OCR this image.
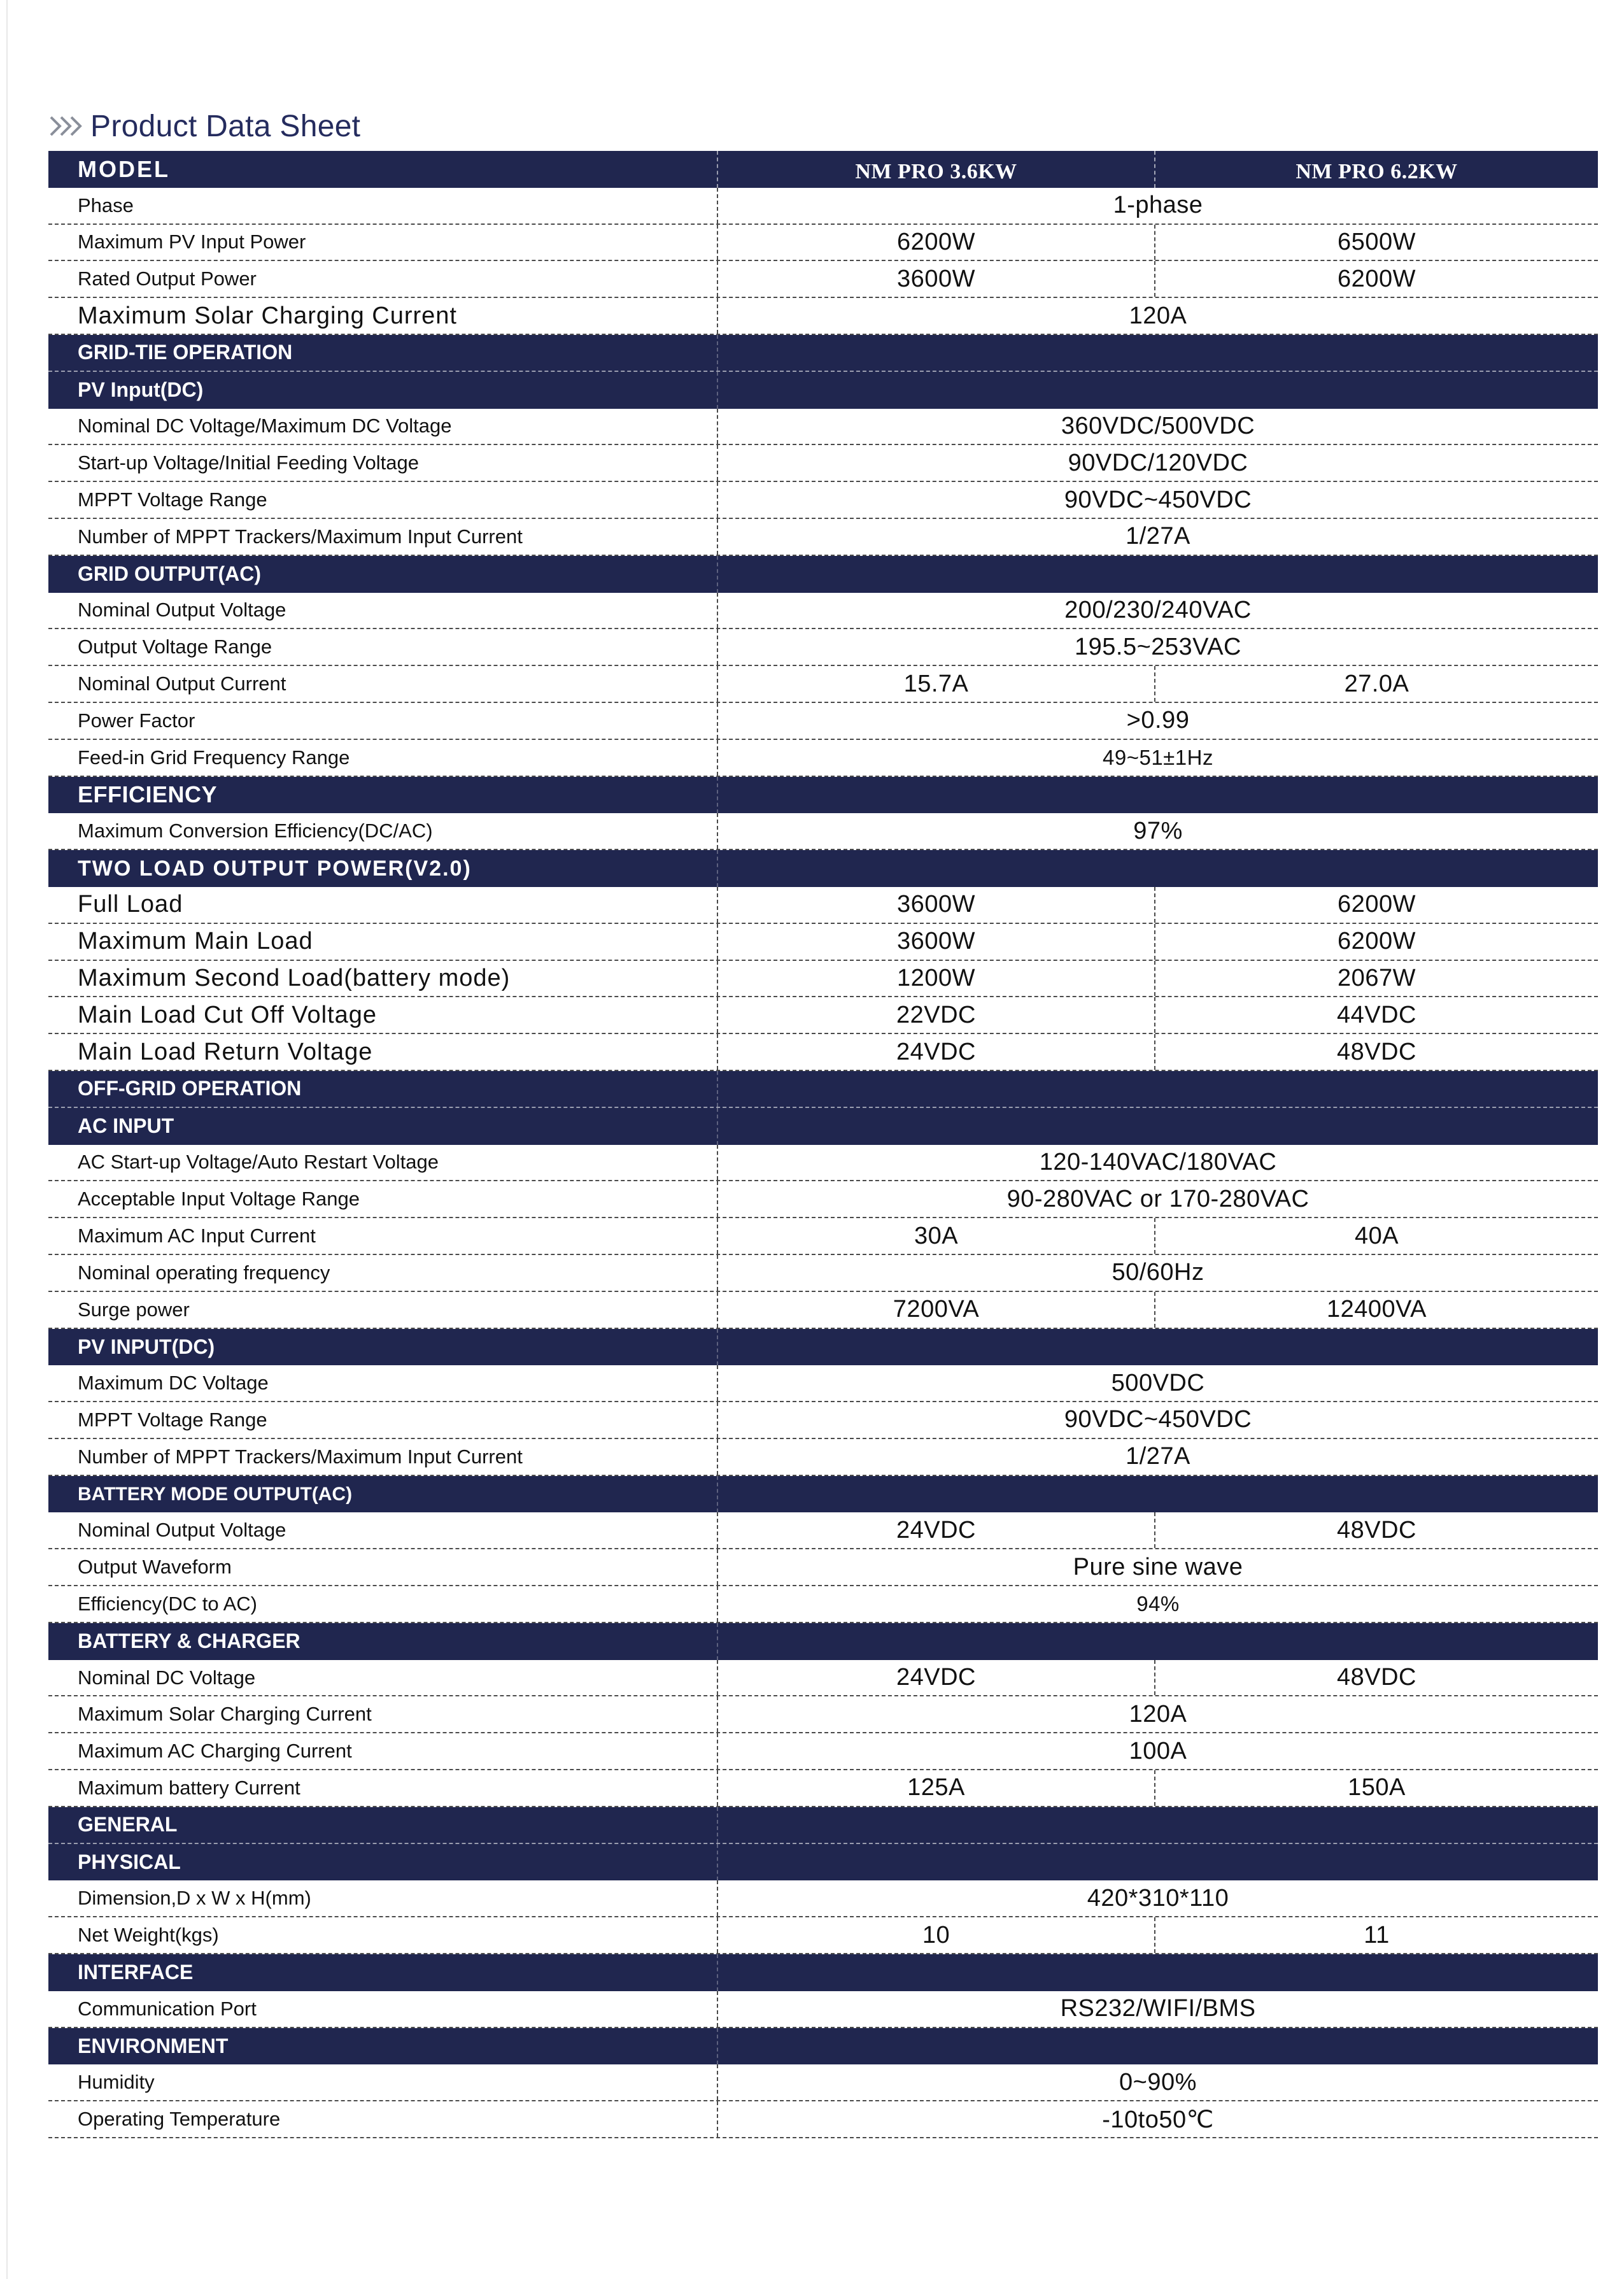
Product Data Sheet
MODEL	NM PRO 3.6KW	NM PRO 6.2KW
Phase	1-phase
Maximum PV Input Power	6200W	6500W
Rated Output Power	3600W	6200W
Maximum Solar Charging Current	120A
GRID-TIE OPERATION
PV Input(DC)
Nominal DC Voltage/Maximum DC Voltage	360VDC/500VDC
Start-up Voltage/Initial Feeding Voltage	90VDC/120VDC
MPPT Voltage Range	90VDC~450VDC
Number of MPPT Trackers/Maximum Input Current	1/27A
GRID OUTPUT(AC)
Nominal Output Voltage	200/230/240VAC
Output Voltage Range	195.5~253VAC
Nominal Output Current	15.7A	27.0A
Power Factor	>0.99
Feed-in Grid Frequency Range	49~51±1Hz
EFFICIENCY
Maximum Conversion Efficiency(DC/AC)	97%
TWO LOAD OUTPUT POWER(V2.0)
Full Load	3600W	6200W
Maximum Main Load	3600W	6200W
Maximum Second Load(battery mode)	1200W	2067W
Main Load Cut Off Voltage	22VDC	44VDC
Main Load Return Voltage	24VDC	48VDC
OFF-GRID OPERATION
AC INPUT
AC Start-up Voltage/Auto Restart Voltage	120-140VAC/180VAC
Acceptable Input Voltage Range	90-280VAC or 170-280VAC
Maximum AC Input Current	30A	40A
Nominal operating frequency	50/60Hz
Surge power	7200VA	12400VA
PV INPUT(DC)
Maximum DC Voltage	500VDC
MPPT Voltage Range	90VDC~450VDC
Number of MPPT Trackers/Maximum Input Current	1/27A
BATTERY MODE OUTPUT(AC)
Nominal Output Voltage	24VDC	48VDC
Output Waveform	Pure sine wave
Efficiency(DC to AC)	94%
BATTERY & CHARGER
Nominal DC Voltage	24VDC	48VDC
Maximum Solar Charging Current	120A
Maximum AC Charging Current	100A
Maximum battery Current	125A	150A
GENERAL
PHYSICAL
Dimension,D x W x H(mm)	420*310*110
Net Weight(kgs)	10	11
INTERFACE
Communication Port	RS232/WIFI/BMS
ENVIRONMENT
Humidity	0~90%
Operating Temperature	-10to50℃
